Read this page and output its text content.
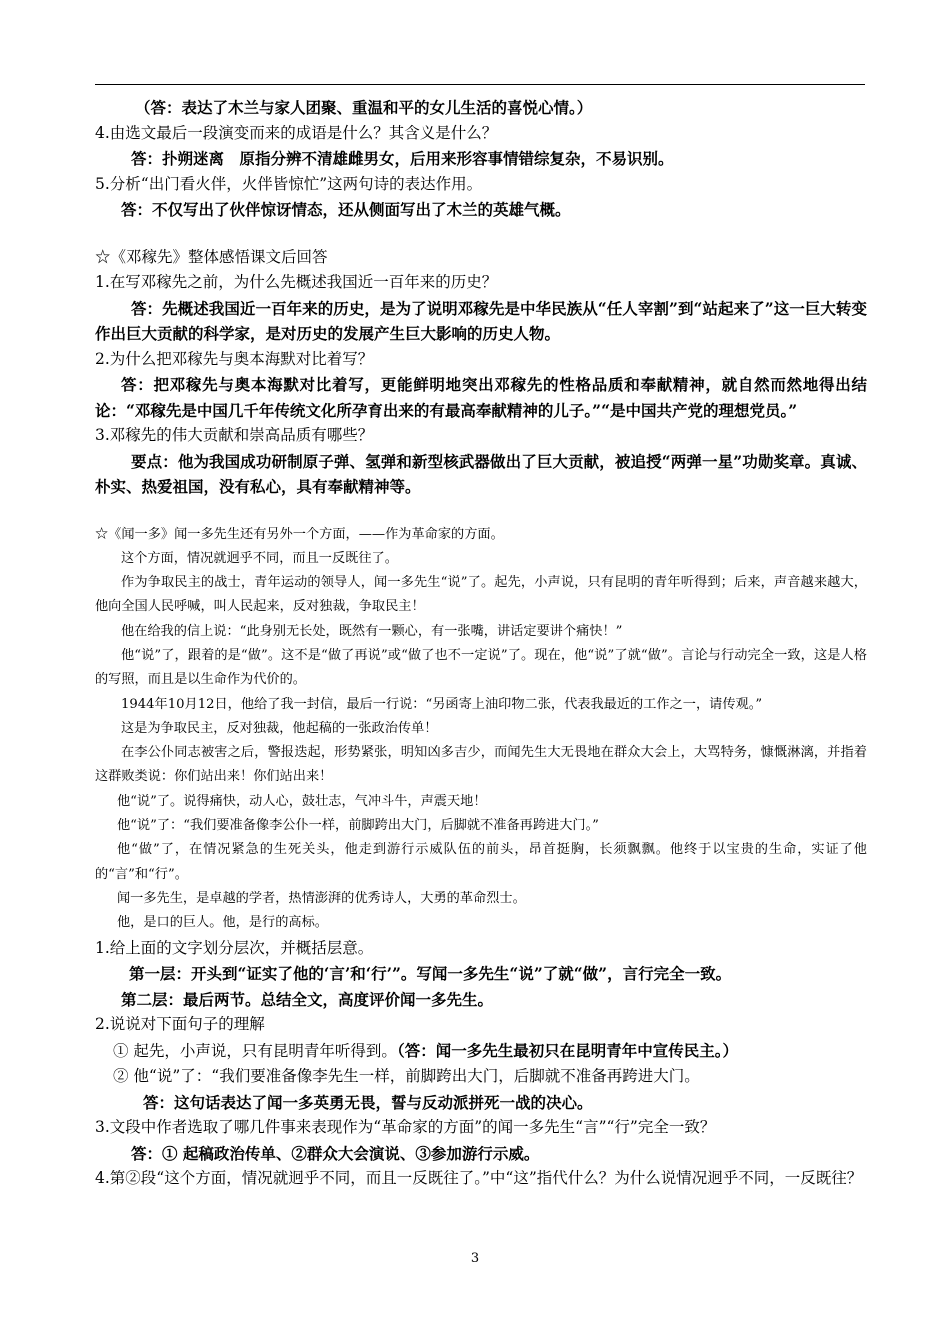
（答：表达了木兰与家人团聚、重温和平的女儿生活的喜悦心情。）

4.由选文最后一段演变而来的成语是什么？其含义是什么？

答：扑朔迷离　原指分辨不清雄雌男女，后用来形容事情错综复杂，不易识别。

5.分析“出门看火伴，火伴皆惊忙”这两句诗的表达作用。

答：不仅写出了伙伴惊讶情态，还从侧面写出了木兰的英雄气概。

☆《邓稼先》整体感悟课文后回答

1.在写邓稼先之前，为什么先概述我国近一百年来的历史？

答：先概述我国近一百年来的历史，是为了说明邓稼先是中华民族从“任人宰割”到“站起来了”这一巨大转变作出巨大贡献的科学家，是对历史的发展产生巨大影响的历史人物。

2.为什么把邓稼先与奥本海默对比着写？

答：把邓稼先与奥本海默对比着写，更能鲜明地突出邓稼先的性格品质和奉献精神，就自然而然地得出结论：“邓稼先是中国几千年传统文化所孕育出来的有最高奉献精神的儿子。”“是中国共产党的理想党员。”

3.邓稼先的伟大贡献和崇高品质有哪些？

要点：他为我国成功研制原子弹、氢弹和新型核武器做出了巨大贡献，被追授“两弹一星”功勋奖章。真诚、朴实、热爱祖国，没有私心，具有奉献精神等。

☆《闻一多》闻一多先生还有另外一个方面，——作为革命家的方面。

这个方面，情况就迥乎不同，而且一反既往了。

作为争取民主的战士，青年运动的领导人，闻一多先生“说”了。起先，小声说，只有昆明的青年听得到；后来，声音越来越大，他向全国人民呼喊，叫人民起来，反对独裁，争取民主！

他在给我的信上说：“此身别无长处，既然有一颗心，有一张嘴，讲话定要讲个痛快！”

他“说”了，跟着的是“做”。这不是“做了再说”或“做了也不一定说”了。现在，他“说”了就“做”。言论与行动完全一致，这是人格的写照，而且是以生命作为代价的。

1944年10月12日，他给了我一封信，最后一行说：“另函寄上油印物二张，代表我最近的工作之一，请传观。”

这是为争取民主，反对独裁，他起稿的一张政治传单！

在李公仆同志被害之后，警报迭起，形势紧张，明知凶多吉少，而闻先生大无畏地在群众大会上，大骂特务，慷慨淋漓，并指着这群败类说：你们站出来！你们站出来！

他“说”了。说得痛快，动人心，鼓壮志，气冲斗牛，声震天地！

他“说”了：“我们要准备像李公仆一样，前脚跨出大门，后脚就不准备再跨进大门。”

他“做”了，在情况紧急的生死关头，他走到游行示威队伍的前头，昂首挺胸，长须飘飘。他终于以宝贵的生命，实证了他的“言”和“行”。

闻一多先生，是卓越的学者，热情澎湃的优秀诗人，大勇的革命烈士。

他，是口的巨人。他，是行的高标。

1.给上面的文字划分层次，并概括层意。

第一层：开头到“证实了他的‘言’和‘行’”。写闻一多先生“说”了就“做”，言行完全一致。

第二层：最后两节。总结全文，高度评价闻一多先生。

2.说说对下面句子的理解

① 起先，小声说，只有昆明青年听得到。（答：闻一多先生最初只在昆明青年中宣传民主。）

② 他“说”了：“我们要准备像李先生一样，前脚跨出大门，后脚就不准备再跨进大门。

答：这句话表达了闻一多英勇无畏，誓与反动派拼死一战的决心。

3.文段中作者选取了哪几件事来表现作为“革命家的方面”的闻一多先生“言”“行”完全一致？

答：① 起稿政治传单、②群众大会演说、③参加游行示威。

4.第②段“这个方面，情况就迥乎不同，而且一反既往了。”中“这”指代什么？为什么说情况迥乎不同，一反既往？

3
